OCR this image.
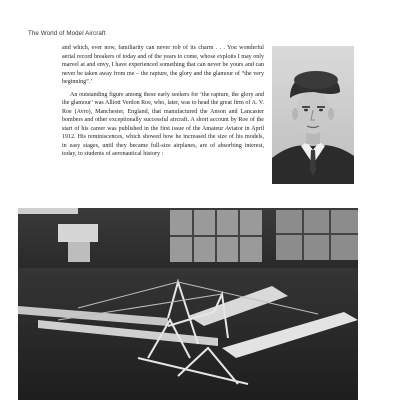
The World of Model Aircraft

and which, ever now, familiarity can never rob of its charm . . . You wonderful aerial record breakers of today and of the years to come, whose exploits I may only marvel at and envy, I have experienced something that can never be yours and can never be taken away from me – the rapture, the glory and the glamour of “the very beginning”.’

An outstanding figure among these early seekers for ‘the rapture, the glory and the glamour’ was Alliott Verdon Roe, who, later, was to head the great firm of A. V. Roe (Avro), Manchester, England, that manufactured the Anson and Lancaster bombers and other exceptionally successful aircraft. A short account by Roe of the start of his career was published in the first issue of the Amateur Aviator in April 1912. His reminiscences, which showed how he increased the size of his models, in easy stages, until they became full-size airplanes, are of absorbing interest, today, to students of aeronautical history :
